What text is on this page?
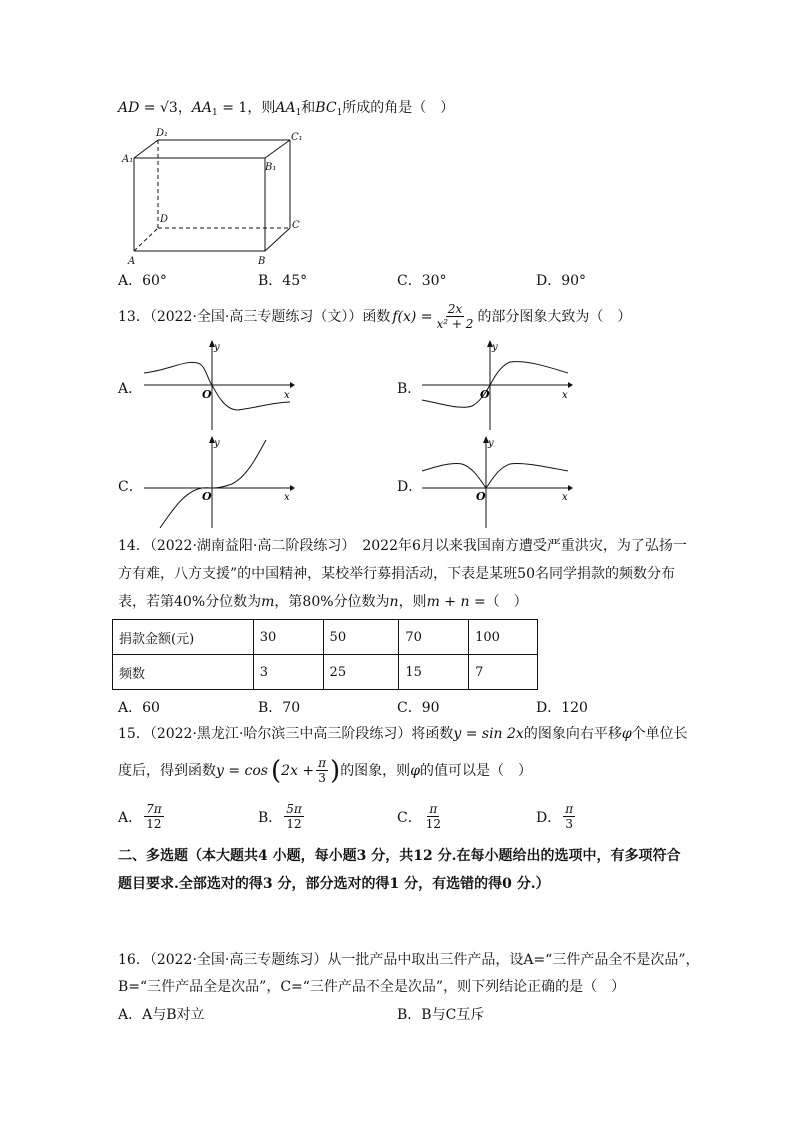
AD = √3，$AA_1 = 1$，则$AA_1$和$BC_1$所成的角是（　）
D₁	C₁
A₁
B₁
D
C
A	B
A．60°	B．45°	C．30°	D．90°
13．（2022·全国·高三专题练习（文））函数 $f(x) = \frac{2x}{\text{x² + 2}}$ 的部分图象大致为（　）
A．	B．
C．	D．
y
x
O
y
x
O
y
x
O
y
x
O
14．（2022·湖南益阳·高二阶段练习）　2022年6月以来我国南方遭受严重洪灾，为了弘扬一
方有难，八方支援”的中国精神，某校举行募捐活动，下表是某班50名同学捐款的频数分布
表，若第40%分位数为m，第80%分位数为n，则m + n =（　）
捐款金额(元)	30	50	70	100
频数	3	25	15	7
A．60	B．70	C．90	D．120
15．（2022·黑龙江·哈尔滨三中高三阶段练习）将函数y = sin 2x的图象向右平移φ个单位长
度后，得到函数 y = cos ( $2x + \frac{\pi}{3}$ ) 的图象，则 φ 的值可以是（　）
A． $\frac{7\pi}{12}$	B． $\frac{5\pi}{12}$	C． $\frac{\pi}{12}$	D． $\frac{\pi}{3}$
二、多选题（本大题共4 小题，每小题3 分，共12 分.在每小题给出的选项中，有多项符合
题目要求.全部选对的得3 分，部分选对的得1 分，有选错的得0 分.）
16．（2022·全国·高三专题练习）从一批产品中取出三件产品，设A=“三件产品全不是次品”，
B=“三件产品全是次品”，C=“三件产品不全是次品”，则下列结论正确的是（　）
A．A与B对立	B．B与C互斥
